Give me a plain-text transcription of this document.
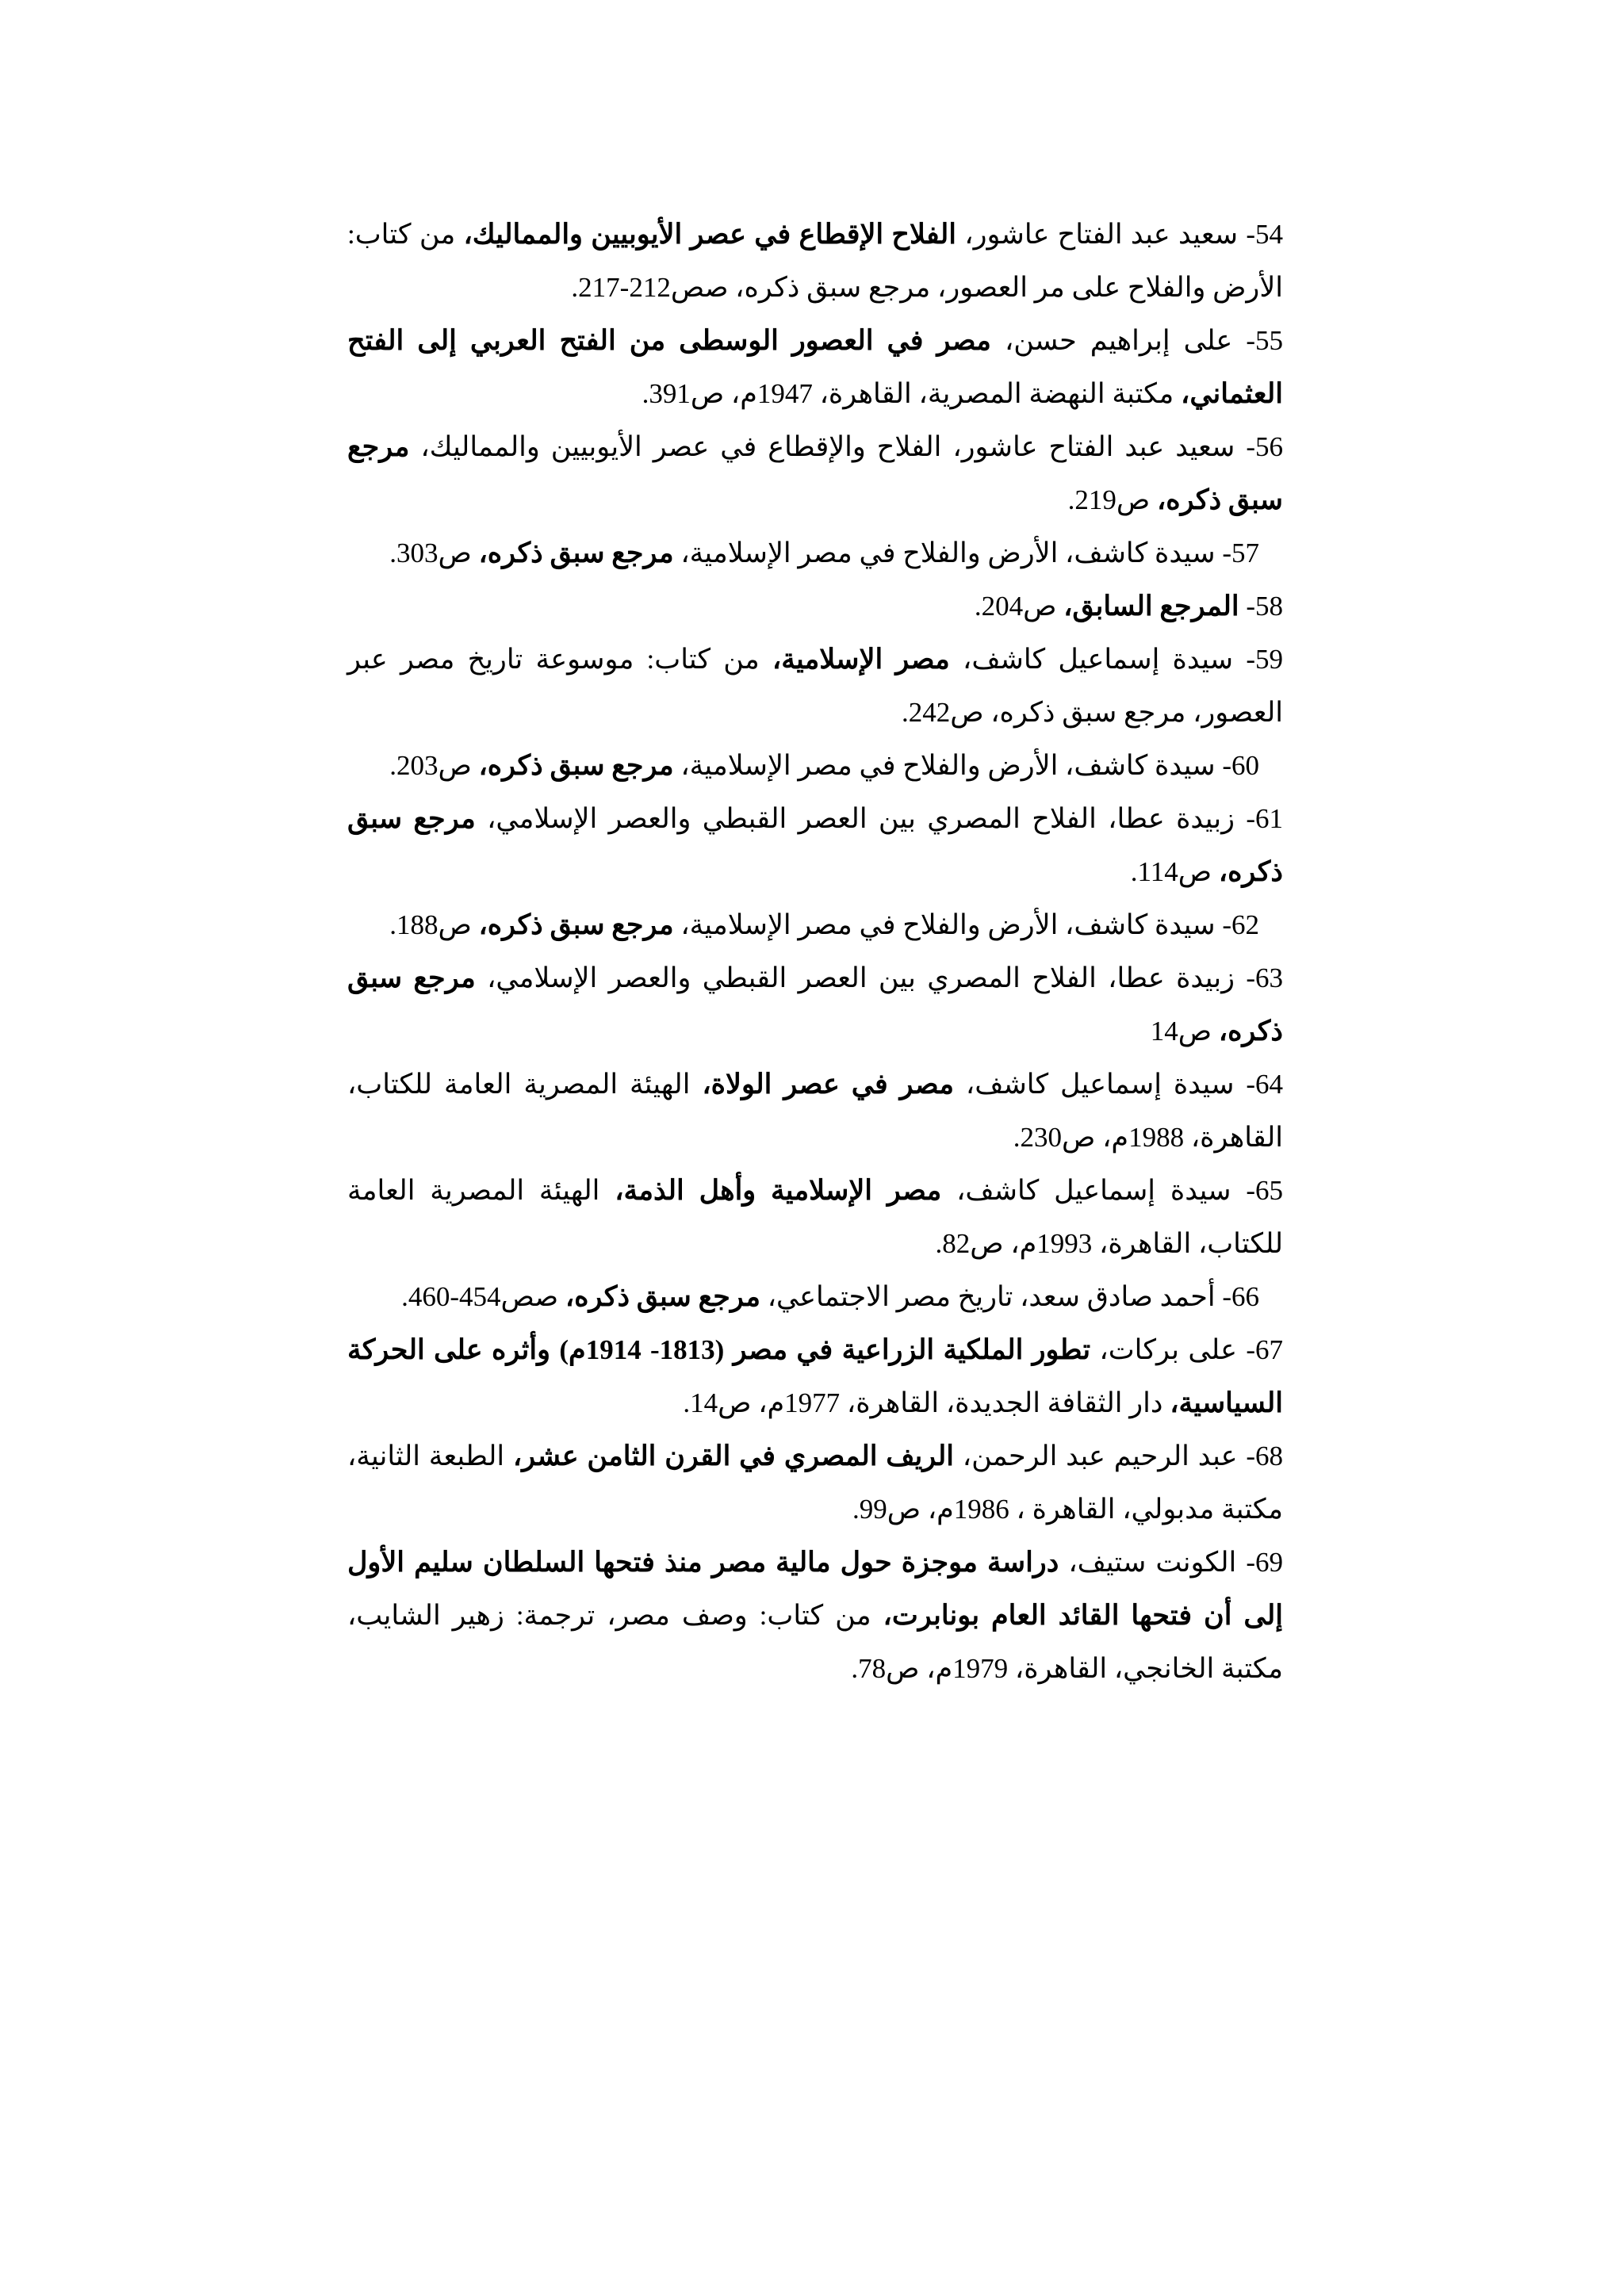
54- سعيد عبد الفتاح عاشور، الفلاح الإقطاع في عصر الأيوبيين والمماليك، من كتاب: الأرض والفلاح على مر العصور، مرجع سبق ذكره، صص212-217.

55- على إبراهيم حسن، مصر في العصور الوسطى من الفتح العربي إلى الفتح العثماني، مكتبة النهضة المصرية، القاهرة، 1947م، ص391.

56- سعيد عبد الفتاح عاشور، الفلاح والإقطاع في عصر الأيوبيين والمماليك، مرجع سبق ذكره، ص219.

57- سيدة كاشف، الأرض والفلاح في مصر الإسلامية، مرجع سبق ذكره، ص303.

58- المرجع السابق، ص204.

59- سيدة إسماعيل كاشف، مصر الإسلامية، من كتاب: موسوعة تاريخ مصر عبر العصور، مرجع سبق ذكره، ص242.

60- سيدة كاشف، الأرض والفلاح في مصر الإسلامية، مرجع سبق ذكره، ص203.

61- زبيدة عطا، الفلاح المصري بين العصر القبطي والعصر الإسلامي، مرجع سبق ذكره، ص114.

62- سيدة كاشف، الأرض والفلاح في مصر الإسلامية، مرجع سبق ذكره، ص188.

63- زبيدة عطا، الفلاح المصري بين العصر القبطي والعصر الإسلامي، مرجع سبق ذكره، ص14

64- سيدة إسماعيل كاشف، مصر في عصر الولاة، الهيئة المصرية العامة للكتاب، القاهرة، 1988م، ص230.

65- سيدة إسماعيل كاشف، مصر الإسلامية وأهل الذمة، الهيئة المصرية العامة للكتاب، القاهرة، 1993م، ص82.

66- أحمد صادق سعد، تاريخ مصر الاجتماعي، مرجع سبق ذكره، صص454-460.

67- على بركات، تطور الملكية الزراعية في مصر (1813- 1914م) وأثره على الحركة السياسية، دار الثقافة الجديدة، القاهرة، 1977م، ص14.

68- عبد الرحيم عبد الرحمن، الريف المصري في القرن الثامن عشر، الطبعة الثانية، مكتبة مدبولي، القاهرة ، 1986م، ص99.

69- الكونت ستيف، دراسة موجزة حول مالية مصر منذ فتحها السلطان سليم الأول إلى أن فتحها القائد العام بونابرت، من كتاب: وصف مصر، ترجمة: زهير الشايب، مكتبة الخانجي، القاهرة، 1979م، ص78.
